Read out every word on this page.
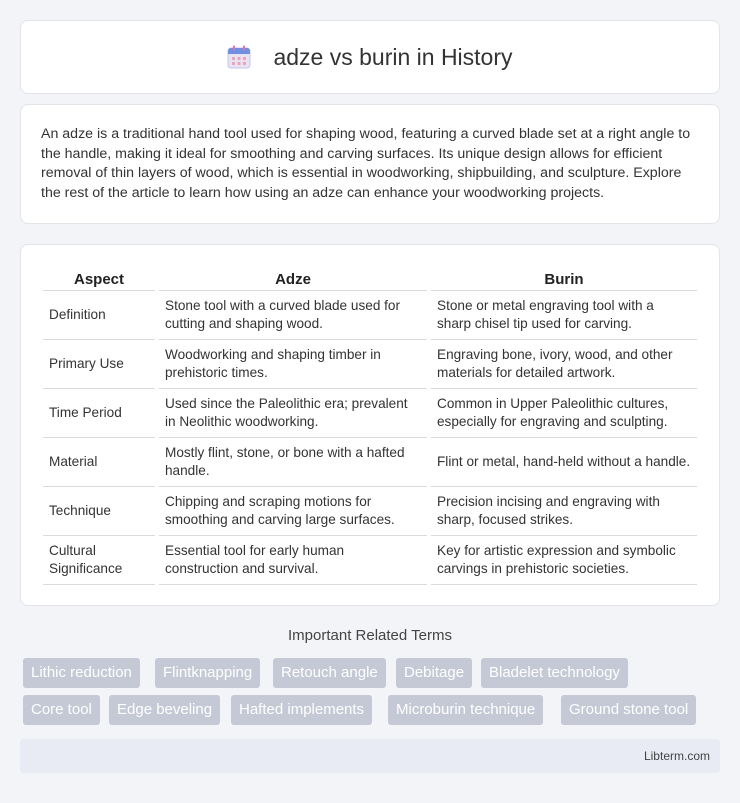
adze vs burin in History

An adze is a traditional hand tool used for shaping wood, featuring a curved blade set at a right angle to the handle, making it ideal for smoothing and carving surfaces. Its unique design allows for efficient removal of thin layers of wood, which is essential in woodworking, shipbuilding, and sculpture. Explore the rest of the article to learn how using an adze can enhance your woodworking projects.

Aspect	Adze	Burin
Definition	Stone tool with a curved blade used for cutting and shaping wood.	Stone or metal engraving tool with a sharp chisel tip used for carving.
Primary Use	Woodworking and shaping timber in prehistoric times.	Engraving bone, ivory, wood, and other materials for detailed artwork.
Time Period	Used since the Paleolithic era; prevalent in Neolithic woodworking.	Common in Upper Paleolithic cultures, especially for engraving and sculpting.
Material	Mostly flint, stone, or bone with a hafted handle.	Flint or metal, hand-held without a handle.
Technique	Chipping and scraping motions for smoothing and carving large surfaces.	Precision incising and engraving with sharp, focused strikes.
Cultural Significance	Essential tool for early human construction and survival.	Key for artistic expression and symbolic carvings in prehistoric societies.
Important Related Terms
Lithic reduction	Flintknapping	Retouch angle	Debitage	Bladelet technology
Core tool	Edge beveling	Hafted implements	Microburin technique	Ground stone tool
Libterm.com
